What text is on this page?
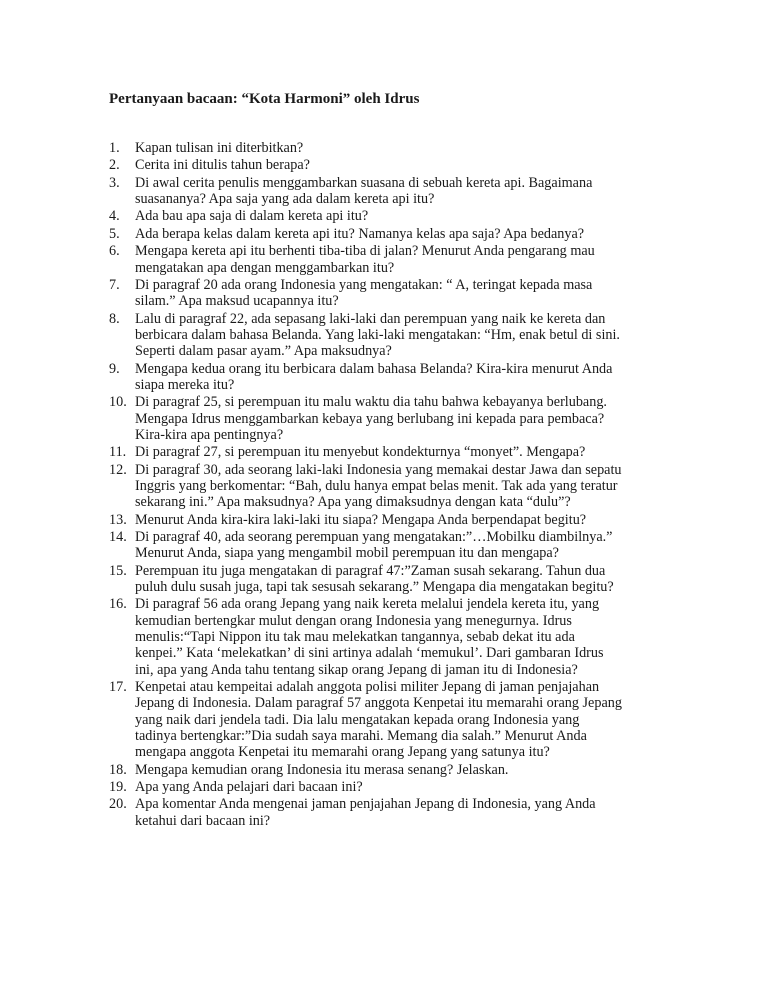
Pertanyaan bacaan: “Kota Harmoni” oleh Idrus
1.	Kapan tulisan ini diterbitkan?
2.	Cerita ini ditulis tahun berapa?
3.	Di awal cerita penulis menggambarkan suasana di sebuah kereta api. Bagaimana
suasananya? Apa saja yang ada dalam kereta api itu?
4.	Ada bau apa saja di dalam kereta api itu?
5.	Ada berapa kelas dalam kereta api itu? Namanya kelas apa saja? Apa bedanya?
6.	Mengapa kereta api itu berhenti tiba-tiba di jalan? Menurut Anda pengarang mau
mengatakan apa dengan menggambarkan itu?
7.	Di paragraf 20 ada orang Indonesia yang mengatakan: “ A, teringat kepada masa
silam.” Apa maksud ucapannya itu?
8.	Lalu di paragraf 22, ada sepasang laki-laki dan perempuan yang naik ke kereta dan
berbicara dalam bahasa Belanda. Yang laki-laki mengatakan: “Hm, enak betul di sini.
Seperti dalam pasar ayam.” Apa maksudnya?
9.	Mengapa kedua orang itu berbicara dalam bahasa Belanda? Kira-kira menurut Anda
siapa mereka itu?
10. Di paragraf 25, si perempuan itu malu waktu dia tahu bahwa kebayanya berlubang.
Mengapa Idrus menggambarkan kebaya yang berlubang ini kepada para pembaca?
Kira-kira apa pentingnya?
11. Di paragraf 27, si perempuan itu menyebut kondekturnya “monyet”. Mengapa?
12. Di paragraf 30, ada seorang laki-laki Indonesia yang memakai destar Jawa dan sepatu
Inggris yang berkomentar: “Bah, dulu hanya empat belas menit. Tak ada yang teratur
sekarang ini.” Apa maksudnya? Apa yang dimaksudnya dengan kata “dulu”?
13. Menurut Anda kira-kira laki-laki itu siapa? Mengapa Anda berpendapat begitu?
14. Di paragraf 40, ada seorang perempuan yang mengatakan:”…Mobilku diambilnya.”
Menurut Anda, siapa yang mengambil mobil perempuan itu dan mengapa?
15. Perempuan itu juga mengatakan di paragraf 47:”Zaman susah sekarang. Tahun dua
puluh dulu susah juga, tapi tak sesusah sekarang.” Mengapa dia mengatakan begitu?
16. Di paragraf 56 ada orang Jepang yang naik kereta melalui jendela kereta itu, yang
kemudian bertengkar mulut dengan orang Indonesia yang menegurnya. Idrus
menulis:“Tapi Nippon itu tak mau melekatkan tangannya, sebab dekat itu ada
kenpei.” Kata ‘melekatkan’ di sini artinya adalah ‘memukul’. Dari gambaran Idrus
ini, apa yang Anda tahu tentang sikap orang Jepang di jaman itu di Indonesia?
17. Kenpetai atau kempeitai adalah anggota polisi militer Jepang di jaman penjajahan
Jepang di Indonesia. Dalam paragraf 57 anggota Kenpetai itu memarahi orang Jepang
yang naik dari jendela tadi. Dia lalu mengatakan kepada orang Indonesia yang
tadinya bertengkar:”Dia sudah saya marahi. Memang dia salah.” Menurut Anda
mengapa anggota Kenpetai itu memarahi orang Jepang yang satunya itu?
18. Mengapa kemudian orang Indonesia itu merasa senang? Jelaskan.
19. Apa yang Anda pelajari dari bacaan ini?
20. Apa komentar Anda mengenai jaman penjajahan Jepang di Indonesia, yang Anda
ketahui dari bacaan ini?
